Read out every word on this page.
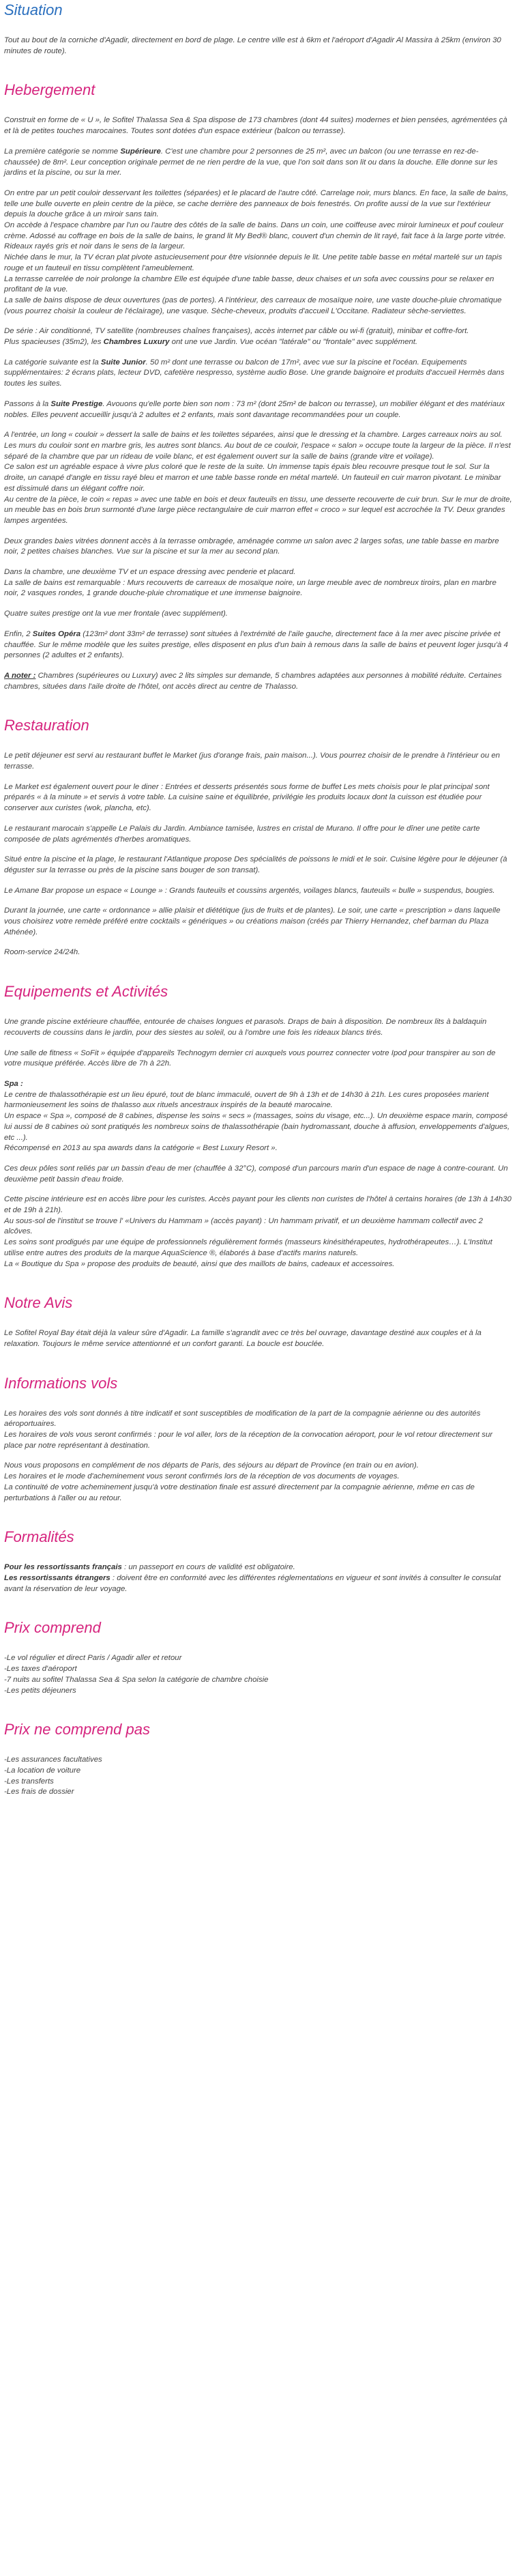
Situation

Tout au bout de la corniche d'Agadir, directement en bord de plage. Le centre ville est à 6km et l'aéroport d'Agadir Al Massira à 25km (environ 30 minutes de route).

Hebergement

Construit en forme de « U », le Sofitel Thalassa Sea & Spa dispose de 173 chambres (dont 44 suites) modernes et bien pensées, agrémentées çà et là de petites touches marocaines. Toutes sont dotées d'un espace extérieur (balcon ou terrasse).

La première catégorie se nomme Supérieure. C'est une chambre pour 2 personnes de 25 m², avec un balcon (ou une terrasse en rez-de-chaussée) de 8m². Leur conception originale permet de ne rien perdre de la vue, que l'on soit dans son lit ou dans la douche. Elle donne sur les jardins et la piscine, ou sur la mer.

On entre par un petit couloir desservant les toilettes (séparées) et le placard de l'autre côté. Carrelage noir, murs blancs. En face, la salle de bains, telle une bulle ouverte en plein centre de la pièce, se cache derrière des panneaux de bois fenestrés. On profite aussi de la vue sur l'extérieur depuis la douche grâce à un miroir sans tain.

On accède à l'espace chambre par l'un ou l'autre des côtés de la salle de bains. Dans un coin, une coiffeuse avec miroir lumineux et pouf couleur crème. Adossé au coffrage en bois de la salle de bains, le grand lit My Bed® blanc, couvert d'un chemin de lit rayé, fait face à la large porte vitrée. Rideaux rayés gris et noir dans le sens de la largeur.

Nichée dans le mur, la TV écran plat pivote astucieusement pour être visionnée depuis le lit. Une petite table basse en métal martelé sur un tapis rouge et un fauteuil en tissu complètent l'ameublement.

La terrasse carrelée de noir prolonge la chambre Elle est équipée d'une table basse, deux chaises et un sofa avec coussins pour se relaxer en profitant de la vue.

La salle de bains dispose de deux ouvertures (pas de portes). A l'intérieur, des carreaux de mosaïque noire, une vaste douche-pluie chromatique (vous pourrez choisir la couleur de l'éclairage), une vasque. Sèche-cheveux, produits d'accueil L'Occitane. Radiateur sèche-serviettes.

De série : Air conditionné, TV satellite (nombreuses chaînes françaises), accès internet par câble ou wi-fi (gratuit), minibar et coffre-fort.

Plus spacieuses (35m2), les Chambres Luxury ont une vue Jardin. Vue océan "latérale" ou "frontale" avec supplément.

La catégorie suivante est la Suite Junior. 50 m² dont une terrasse ou balcon de 17m², avec vue sur la piscine et l'océan. Equipements supplémentaires: 2 écrans plats, lecteur DVD, cafetière nespresso, système audio Bose. Une grande baignoire et produits d'accueil Hermès dans toutes les suites.

Passons à la Suite Prestige. Avouons qu'elle porte bien son nom : 73 m² (dont 25m² de balcon ou terrasse), un mobilier élégant et des matériaux nobles. Elles peuvent accueillir jusqu'à 2 adultes et 2 enfants, mais sont davantage recommandées pour un couple.

A l'entrée, un long « couloir » dessert la salle de bains et les toilettes séparées, ainsi que le dressing et la chambre. Larges carreaux noirs au sol. Les murs du couloir sont en marbre gris, les autres sont blancs. Au bout de ce couloir, l'espace « salon » occupe toute la largeur de la pièce. Il n'est séparé de la chambre que par un rideau de voile blanc, et est également ouvert sur la salle de bains (grande vitre et voilage).

Ce salon est un agréable espace à vivre plus coloré que le reste de la suite. Un immense tapis épais bleu recouvre presque tout le sol. Sur la droite, un canapé d'angle en tissu rayé bleu et marron et une table basse ronde en métal martelé. Un fauteuil en cuir marron pivotant. Le minibar est dissimulé dans un élégant coffre noir.

Au centre de la pièce, le coin « repas » avec une table en bois et deux fauteuils en tissu, une desserte recouverte de cuir brun. Sur le mur de droite, un meuble bas en bois brun surmonté d'une large pièce rectangulaire de cuir marron effet « croco » sur lequel est accrochée la TV. Deux grandes lampes argentées.

Deux grandes baies vitrées donnent accès à la terrasse ombragée, aménagée comme un salon avec 2 larges sofas, une table basse en marbre noir, 2 petites chaises blanches. Vue sur la piscine et sur la mer au second plan.

Dans la chambre, une deuxième TV et un espace dressing avec penderie et placard.

La salle de bains est remarquable : Murs recouverts de carreaux de mosaïque noire, un large meuble avec de nombreux tiroirs, plan en marbre noir, 2 vasques rondes, 1 grande douche-pluie chromatique et une immense baignoire.

Quatre suites prestige ont la vue mer frontale (avec supplément).

Enfin, 2 Suites Opéra (123m² dont 33m² de terrasse) sont situées à l'extrémité de l'aile gauche, directement face à la mer avec piscine privée et chauffée. Sur le même modèle que les suites prestige, elles disposent en plus d'un bain à remous dans la salle de bains et peuvent loger jusqu'à 4 personnes (2 adultes et 2 enfants).

A noter : Chambres (supérieures ou Luxury) avec 2 lits simples sur demande, 5 chambres adaptées aux personnes à mobilité réduite. Certaines chambres, situées dans l'aile droite de l'hôtel, ont accès direct au centre de Thalasso.

Restauration

Le petit déjeuner est servi au restaurant buffet le Market (jus d'orange frais, pain maison...). Vous pourrez choisir de le prendre à l'intérieur ou en terrasse.

Le Market est également ouvert pour le diner : Entrées et desserts présentés sous forme de buffet Les mets choisis pour le plat principal sont préparés « à la minute » et servis à votre table. La cuisine saine et équilibrée, privilégie les produits locaux dont la cuisson est étudiée pour conserver aux curistes (wok, plancha, etc).

Le restaurant marocain s'appelle Le Palais du Jardin. Ambiance tamisée, lustres en cristal de Murano. Il offre pour le dîner une petite carte composée de plats agrémentés d'herbes aromatiques.

Situé entre la piscine et la plage, le restaurant l'Atlantique propose Des spécialités de poissons le midi et le soir. Cuisine légère pour le déjeuner (à déguster sur la terrasse ou près de la piscine sans bouger de son transat).

Le Amane Bar propose un espace « Lounge » : Grands fauteuils et coussins argentés, voilages blancs, fauteuils « bulle » suspendus, bougies.

Durant la journée, une carte « ordonnance » allie plaisir et diététique (jus de fruits et de plantes). Le soir, une carte « prescription » dans laquelle vous choisirez votre remède préféré entre cocktails « génériques » ou créations maison (créés par Thierry Hernandez, chef barman du Plaza Athénée).

Room-service 24/24h.

Equipements et Activités

Une grande piscine extérieure chauffée, entourée de chaises longues et parasols. Draps de bain à disposition. De nombreux lits à baldaquin recouverts de coussins dans le jardin, pour des siestes au soleil, ou à l'ombre une fois les rideaux blancs tirés.

Une salle de fitness « SoFit » équipée d'appareils Technogym dernier cri auxquels vous pourrez connecter votre Ipod pour transpirer au son de votre musique préférée. Accès libre de 7h à 22h.

Spa :

Le centre de thalassothérapie est un lieu épuré, tout de blanc immaculé, ouvert de 9h à 13h et de 14h30 à 21h. Les cures proposées marient harmonieusement les soins de thalasso aux rituels ancestraux inspirés de la beauté marocaine.

Un espace « Spa », composé de 8 cabines, dispense les soins « secs » (massages, soins du visage, etc...). Un deuxième espace marin, composé lui aussi de 8 cabines où sont pratiqués les nombreux soins de thalassothérapie (bain hydromassant, douche à affusion, enveloppements d'algues, etc ...).

Récompensé en 2013 au spa awards dans la catégorie « Best Luxury Resort ».

Ces deux pôles sont reliés par un bassin d'eau de mer (chauffée à 32°C), composé d'un parcours marin d'un espace de nage à contre-courant. Un deuxième petit bassin d'eau froide.

Cette piscine intérieure est en accès libre pour les curistes. Accès payant pour les clients non curistes de l'hôtel à certains horaires (de 13h à 14h30 et de 19h à 21h).

Au sous-sol de l'institut se trouve l' «Univers du Hammam » (accès payant) : Un hammam privatif, et un deuxième hammam collectif avec 2 alcôves.

Les soins sont prodigués par une équipe de professionnels régulièrement formés (masseurs kinésithérapeutes, hydrothérapeutes…). L'Institut utilise entre autres des produits de la marque AquaScience ®, élaborés à base d'actifs marins naturels.

La « Boutique du Spa » propose des produits de beauté, ainsi que des maillots de bains, cadeaux et accessoires.

Notre Avis

Le Sofitel Royal Bay était déjà la valeur sûre d'Agadir. La famille s'agrandit avec ce très bel ouvrage, davantage destiné aux couples et à la relaxation. Toujours le même service attentionné et un confort garanti. La boucle est bouclée.

Informations vols

Les horaires des vols sont donnés à titre indicatif et sont susceptibles de modification de la part de la compagnie aérienne ou des autorités aéroportuaires.

Les horaires de vols vous seront confirmés : pour le vol aller, lors de la réception de la convocation aéroport, pour le vol retour directement sur place par notre représentant à destination.

Nous vous proposons en complément de nos départs de Paris, des séjours au départ de Province (en train ou en avion).

Les horaires et le mode d'acheminement vous seront confirmés lors de la réception de vos documents de voyages.

La continuité de votre acheminement jusqu'à votre destination finale est assuré directement par la compagnie aérienne, même en cas de perturbations à l'aller ou au retour.

Formalités

Pour les ressortissants français : un passeport en cours de validité est obligatoire.

Les ressortissants étrangers : doivent être en conformité avec les différentes réglementations en vigueur et sont invités à consulter le consulat avant la réservation de leur voyage.

Prix comprend
-Le vol régulier et direct Paris / Agadir aller et retour
-Les taxes d'aéroport
-7 nuits au sofitel Thalassa Sea & Spa selon la catégorie de chambre choisie
-Les petits déjeuners
Prix ne comprend pas
-Les assurances facultatives
-La location de voiture
-Les transferts
-Les frais de dossier
